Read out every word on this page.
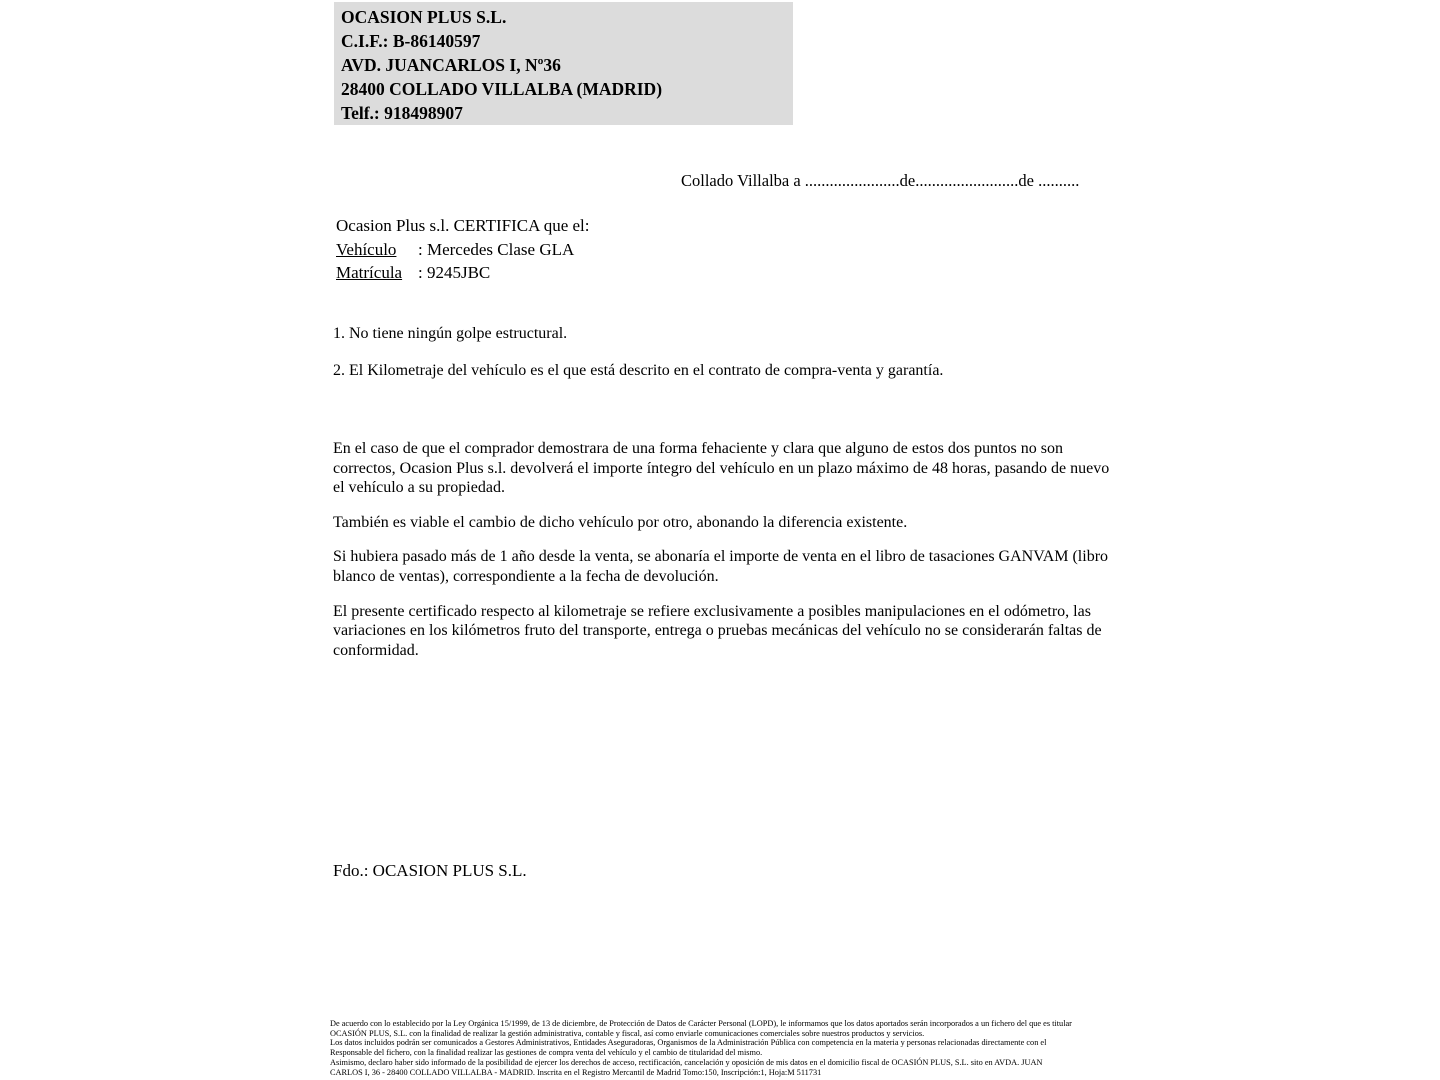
OCASION PLUS S.L.
C.I.F.: B-86140597
AVD. JUANCARLOS I, Nº36
28400 COLLADO VILLALBA (MADRID)
Telf.: 918498907
Collado Villalba a .......................de.........................de ..........
Ocasion Plus s.l. CERTIFICA que el:
Vehículo : Mercedes Clase GLA
Matrícula : 9245JBC
1. No tiene ningún golpe estructural.
2. El Kilometraje del vehículo es el que está descrito en el contrato de compra-venta y garantía.

En el caso de que el comprador demostrara de una forma fehaciente y clara que alguno de estos dos puntos no son correctos, Ocasion Plus s.l. devolverá el importe íntegro del vehículo en un plazo máximo de 48 horas, pasando de nuevo el vehículo a su propiedad.

También es viable el cambio de dicho vehículo por otro, abonando la diferencia existente.

Si hubiera pasado más de 1 año desde la venta, se abonaría el importe de venta en el libro de tasaciones GANVAM (libro blanco de ventas), correspondiente a la fecha de devolución.

El presente certificado respecto al kilometraje se refiere exclusivamente a posibles manipulaciones en el odómetro, las variaciones en los kilómetros fruto del transporte, entrega o pruebas mecánicas del vehículo no se considerarán faltas de conformidad.

Fdo.: OCASION PLUS S.L.
De acuerdo con lo establecido por la Ley Orgánica 15/1999, de 13 de diciembre, de Protección de Datos de Carácter Personal (LOPD), le informamos que los datos aportados serán incorporados a un fichero del que es titular
OCASIÓN PLUS, S.L. con la finalidad de realizar la gestión administrativa, contable y fiscal, así como enviarle comunicaciones comerciales sobre nuestros productos y servicios.
Los datos incluidos podrán ser comunicados a Gestores Administrativos, Entidades Aseguradoras, Organismos de la Administración Pública con competencia en la materia y personas relacionadas directamente con el
Responsable del fichero, con la finalidad realizar las gestiones de compra venta del vehículo y el cambio de titularidad del mismo.
Asimismo, declaro haber sido informado de la posibilidad de ejercer los derechos de acceso, rectificación, cancelación y oposición de mis datos en el domicilio fiscal de OCASIÓN PLUS, S.L. sito en AVDA. JUAN
CARLOS I, 36 - 28400 COLLADO VILLALBA - MADRID. Inscrita en el Registro Mercantil de Madrid Tomo:150, Inscripción:1, Hoja:M 511731
